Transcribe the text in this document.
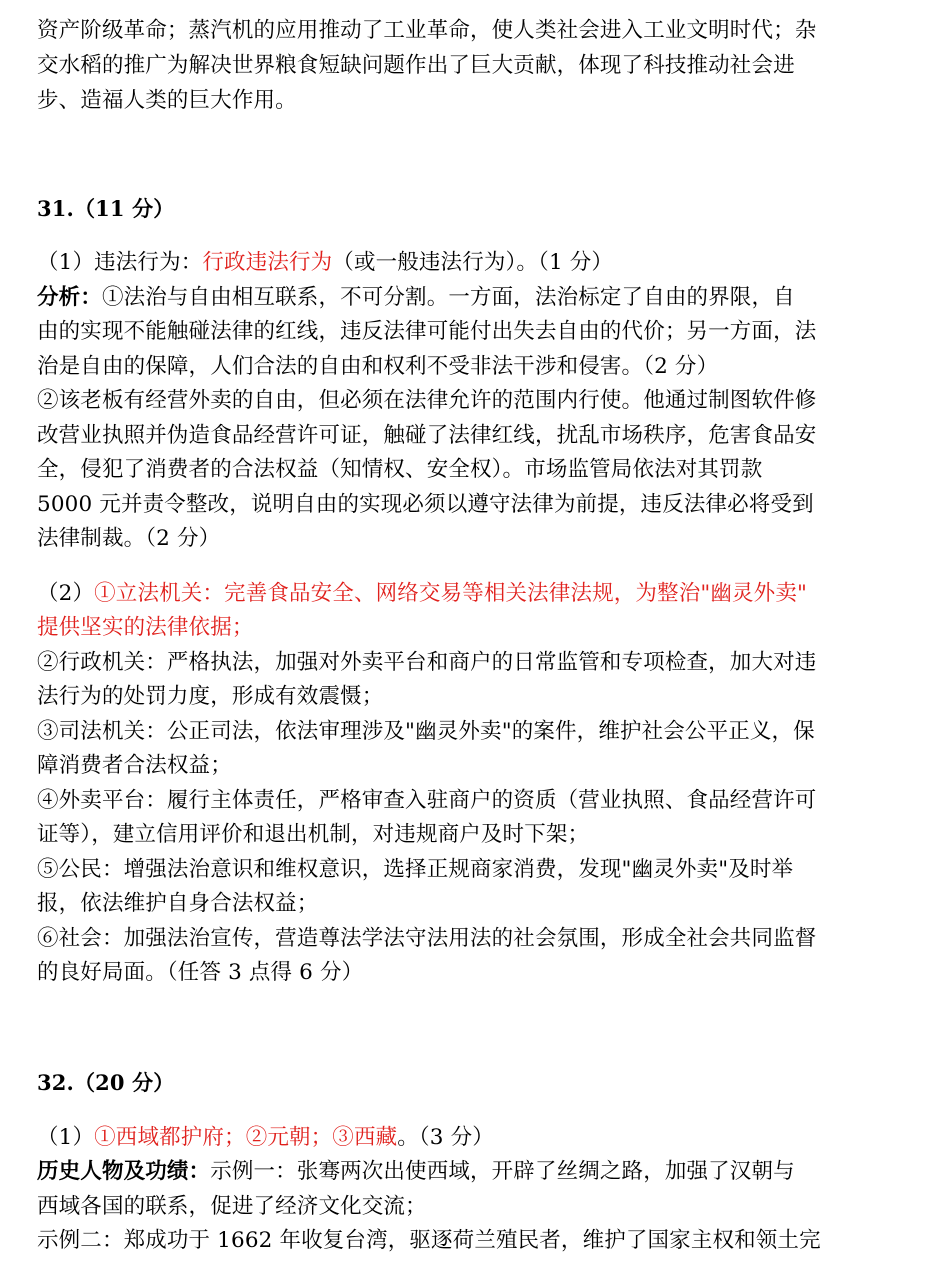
资产阶级革命；蒸汽机的应用推动了工业革命，使人类社会进入工业文明时代；杂
交水稻的推广为解决世界粮食短缺问题作出了巨大贡献，体现了科技推动社会进
步、造福人类的巨大作用。
31.（11 分）
（1）违法行为：行政违法行为（或一般违法行为）。（1 分）
分析：①法治与自由相互联系，不可分割。一方面，法治标定了自由的界限，自
由的实现不能触碰法律的红线，违反法律可能付出失去自由的代价；另一方面，法
治是自由的保障，人们合法的自由和权利不受非法干涉和侵害。（2 分）
②该老板有经营外卖的自由，但必须在法律允许的范围内行使。他通过制图软件修
改营业执照并伪造食品经营许可证，触碰了法律红线，扰乱市场秩序，危害食品安
全，侵犯了消费者的合法权益（知情权、安全权）。市场监管局依法对其罚款
5000 元并责令整改，说明自由的实现必须以遵守法律为前提，违反法律必将受到
法律制裁。（2 分）
（2）①立法机关：完善食品安全、网络交易等相关法律法规，为整治"幽灵外卖"
提供坚实的法律依据；
②行政机关：严格执法，加强对外卖平台和商户的日常监管和专项检查，加大对违
法行为的处罚力度，形成有效震慑；
③司法机关：公正司法，依法审理涉及"幽灵外卖"的案件，维护社会公平正义，保
障消费者合法权益；
④外卖平台：履行主体责任，严格审查入驻商户的资质（营业执照、食品经营许可
证等），建立信用评价和退出机制，对违规商户及时下架；
⑤公民：增强法治意识和维权意识，选择正规商家消费，发现"幽灵外卖"及时举
报，依法维护自身合法权益；
⑥社会：加强法治宣传，营造尊法学法守法用法的社会氛围，形成全社会共同监督
的良好局面。（任答 3 点得 6 分）
32.（20 分）
（1）①西域都护府；②元朝；③西藏。（3 分）
历史人物及功绩：示例一：张骞两次出使西域，开辟了丝绸之路，加强了汉朝与
西域各国的联系，促进了经济文化交流；
示例二：郑成功于 1662 年收复台湾，驱逐荷兰殖民者，维护了国家主权和领土完
